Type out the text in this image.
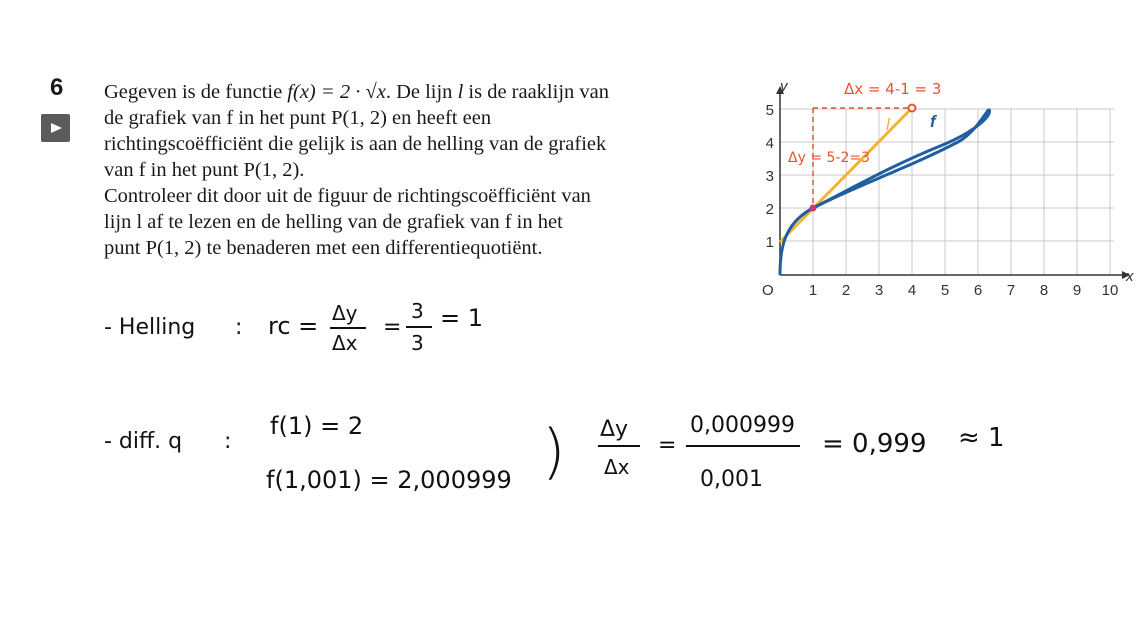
6 Gegeven is de functie f(x) = 2 · √x. De lijn l is de raaklijn van

de grafiek van f in het punt P(1, 2) en heeft een

richtingscoëfficiënt die gelijk is aan de helling van de grafiek

van f in het punt P(1, 2).

Controleer dit door uit de figuur de richtingscoëfficiënt van

lijn l af te lezen en de helling van de grafiek van f in het

punt P(1, 2) te benaderen met een differentiequotiënt.

y
x
O 1 2 3 4 5 6 7 8 9 10
1
2
3
4
5
f
l
Δx = 4-1 = 3
Δy = 5-2=3
- Helling : rc = Δy
Δx
=
3
3
= 1
- diff. q :
f(1) = 2
f(1,001) = 2,000999 ) Δy
Δx
=
0,000999
0,001
= 0,999 ≈ 1
